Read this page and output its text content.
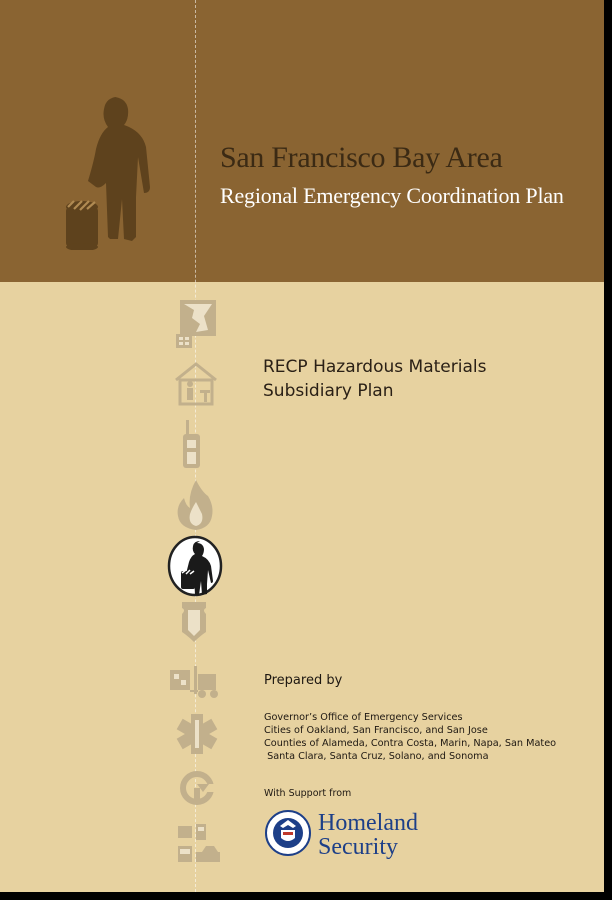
San Francisco Bay Area
Regional Emergency Coordination Plan
RECP Hazardous Materials
Subsidiary Plan
Prepared by
Governor’s Office of Emergency Services
Cities of Oakland, San Francisco, and San Jose
Counties of Alameda, Contra Costa, Marin, Napa, San Mateo
Santa Clara, Santa Cruz, Solano, and Sonoma
With Support from
Homeland
Security
